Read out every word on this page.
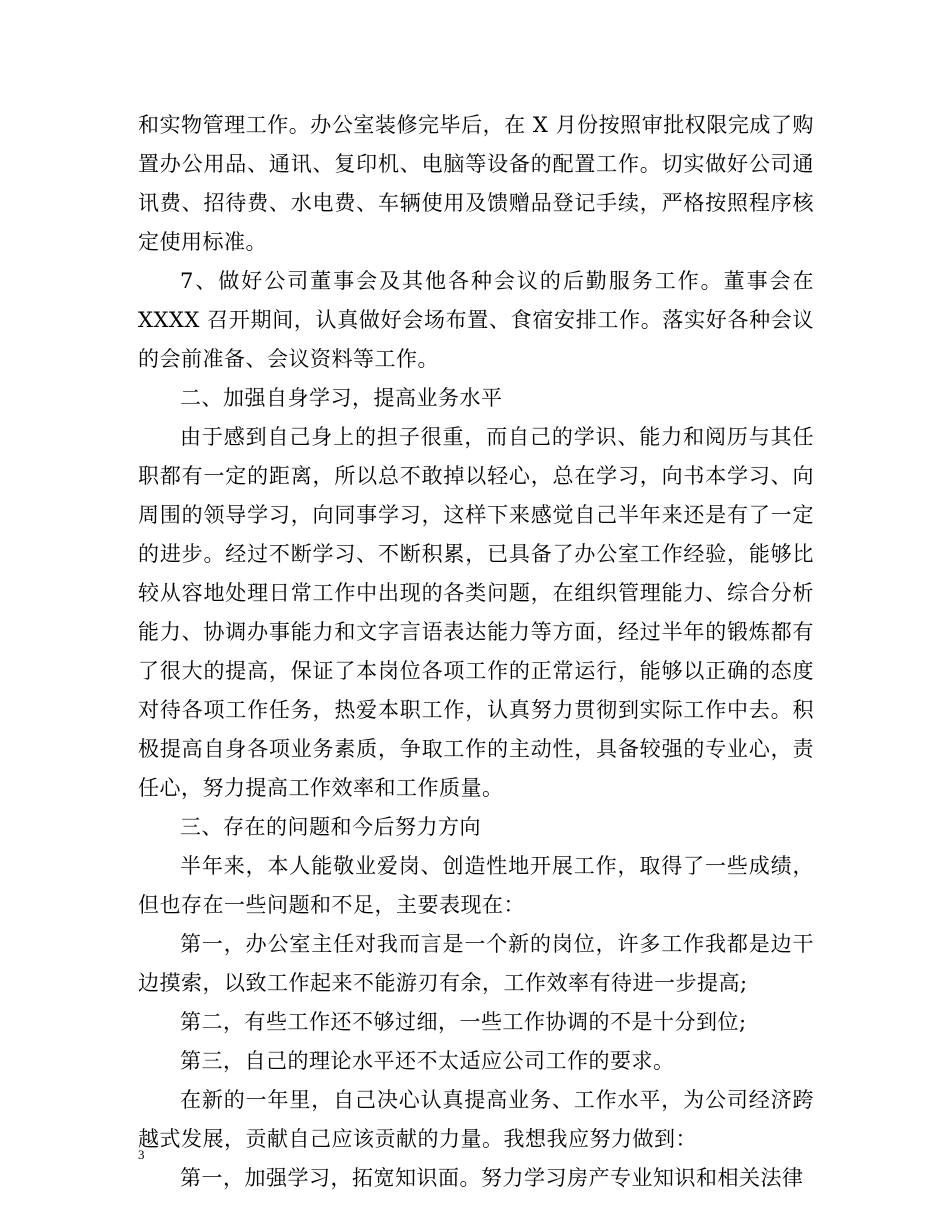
和实物管理工作。办公室装修完毕后，在 X 月份按照审批权限完成了购置办公用品、通讯、复印机、电脑等设备的配置工作。切实做好公司通讯费、招待费、水电费、车辆使用及馈赠品登记手续，严格按照程序核定使用标准。

7、做好公司董事会及其他各种会议的后勤服务工作。董事会在 XXXX 召开期间，认真做好会场布置、食宿安排工作。落实好各种会议的会前准备、会议资料等工作。

二、加强自身学习，提高业务水平

由于感到自己身上的担子很重，而自己的学识、能力和阅历与其任职都有一定的距离，所以总不敢掉以轻心，总在学习，向书本学习、向周围的领导学习，向同事学习，这样下来感觉自己半年来还是有了一定的进步。经过不断学习、不断积累，已具备了办公室工作经验，能够比较从容地处理日常工作中出现的各类问题，在组织管理能力、综合分析能力、协调办事能力和文字言语表达能力等方面，经过半年的锻炼都有了很大的提高，保证了本岗位各项工作的正常运行，能够以正确的态度对待各项工作任务，热爱本职工作，认真努力贯彻到实际工作中去。积极提高自身各项业务素质，争取工作的主动性，具备较强的专业心，责任心，努力提高工作效率和工作质量。

三、存在的问题和今后努力方向

半年来，本人能敬业爱岗、创造性地开展工作，取得了一些成绩，但也存在一些问题和不足，主要表现在：

第一，办公室主任对我而言是一个新的岗位，许多工作我都是边干边摸索，以致工作起来不能游刃有余，工作效率有待进一步提高;

第二，有些工作还不够过细，一些工作协调的不是十分到位;

第三，自己的理论水平还不太适应公司工作的要求。

在新的一年里，自己决心认真提高业务、工作水平，为公司经济跨越式发展，贡献自己应该贡献的力量。我想我应努力做到：

第一，加强学习，拓宽知识面。努力学习房产专业知识和相关法律

3
